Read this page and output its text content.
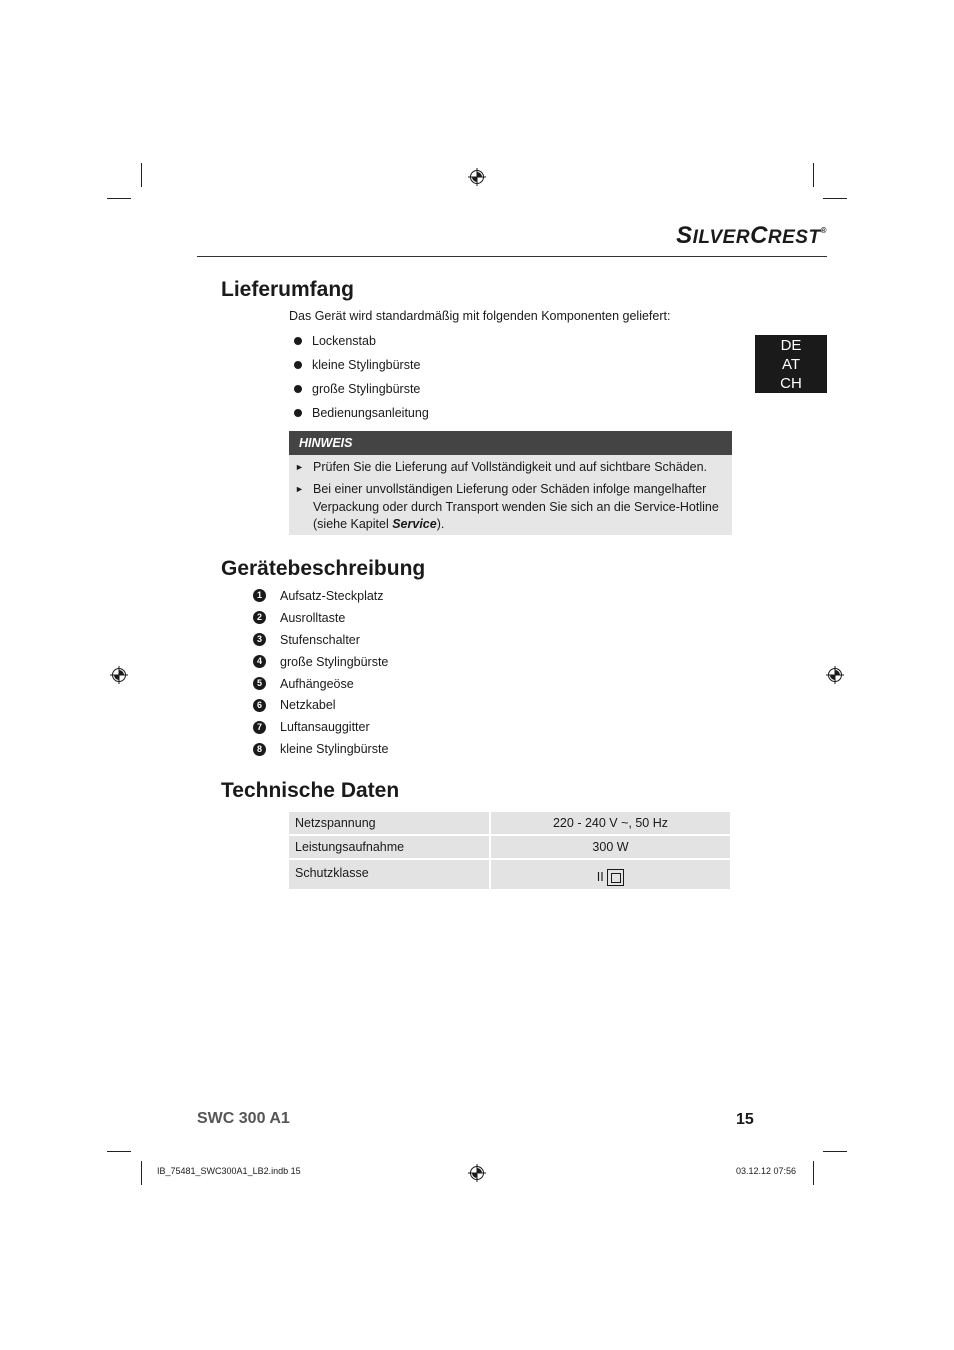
SILVERCREST®
DE
AT
CH
Lieferumfang
Das Gerät wird standardmäßig mit folgenden Komponenten geliefert:
Lockenstab
kleine Stylingbürste
große Stylingbürste
Bedienungsanleitung
HINWEIS
► Prüfen Sie die Lieferung auf Vollständigkeit und auf sichtbare Schäden.
► Bei einer unvollständigen Lieferung oder Schäden infolge mangelhafter
Verpackung oder durch Transport wenden Sie sich an die Service-Hotline
(siehe Kapitel Service).
Gerätebeschreibung
1	Aufsatz-Steckplatz
2	Ausrolltaste
3	Stufenschalter
4	große Stylingbürste
5	Aufhängeöse
6	Netzkabel
7	Luftansauggitter
8	kleine Stylingbürste
Technische Daten
Netzspannung	220 - 240 V ~, 50 Hz
Leistungsaufnahme	300 W
Schutzklasse	II
SWC 300 A1	15
IB_75481_SWC300A1_LB2.indb 15	03.12.12 07:56
